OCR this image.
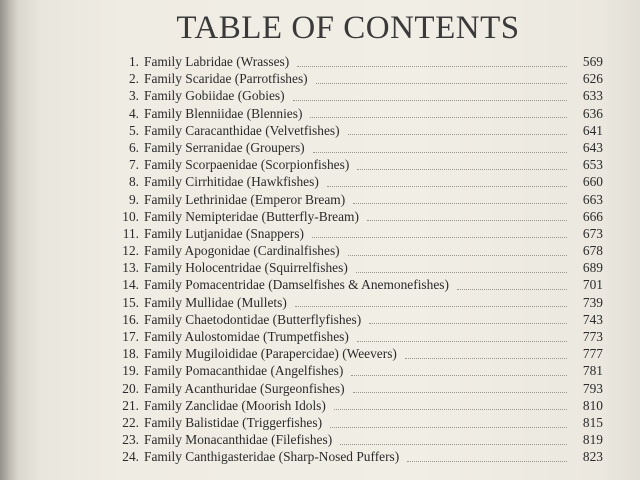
TABLE OF CONTENTS
1. Family Labridae (Wrasses)	569
2. Family Scaridae (Parrotfishes)	626
3. Family Gobiidae (Gobies)	633
4. Family Blenniidae (Blennies)	636
5. Family Caracanthidae (Velvetfishes)	641
6. Family Serranidae (Groupers)	643
7. Family Scorpaenidae (Scorpionfishes)	653
8. Family Cirrhitidae (Hawkfishes)	660
9. Family Lethrinidae (Emperor Bream)	663
10. Family Nemipteridae (Butterfly-Bream)	666
11. Family Lutjanidae (Snappers)	673
12. Family Apogonidae (Cardinalfishes)	678
13. Family Holocentridae (Squirrelfishes)	689
14. Family Pomacentridae (Damselfishes & Anemonefishes)	701
15. Family Mullidae (Mullets)	739
16. Family Chaetodontidae (Butterflyfishes)	743
17. Family Aulostomidae (Trumpetfishes)	773
18. Family Mugiloididae (Parapercidae) (Weevers)	777
19. Family Pomacanthidae (Angelfishes)	781
20. Family Acanthuridae (Surgeonfishes)	793
21. Family Zanclidae (Moorish Idols)	810
22. Family Balistidae (Triggerfishes)	815
23. Family Monacanthidae (Filefishes)	819
24. Family Canthigasteridae (Sharp-Nosed Puffers)	823
